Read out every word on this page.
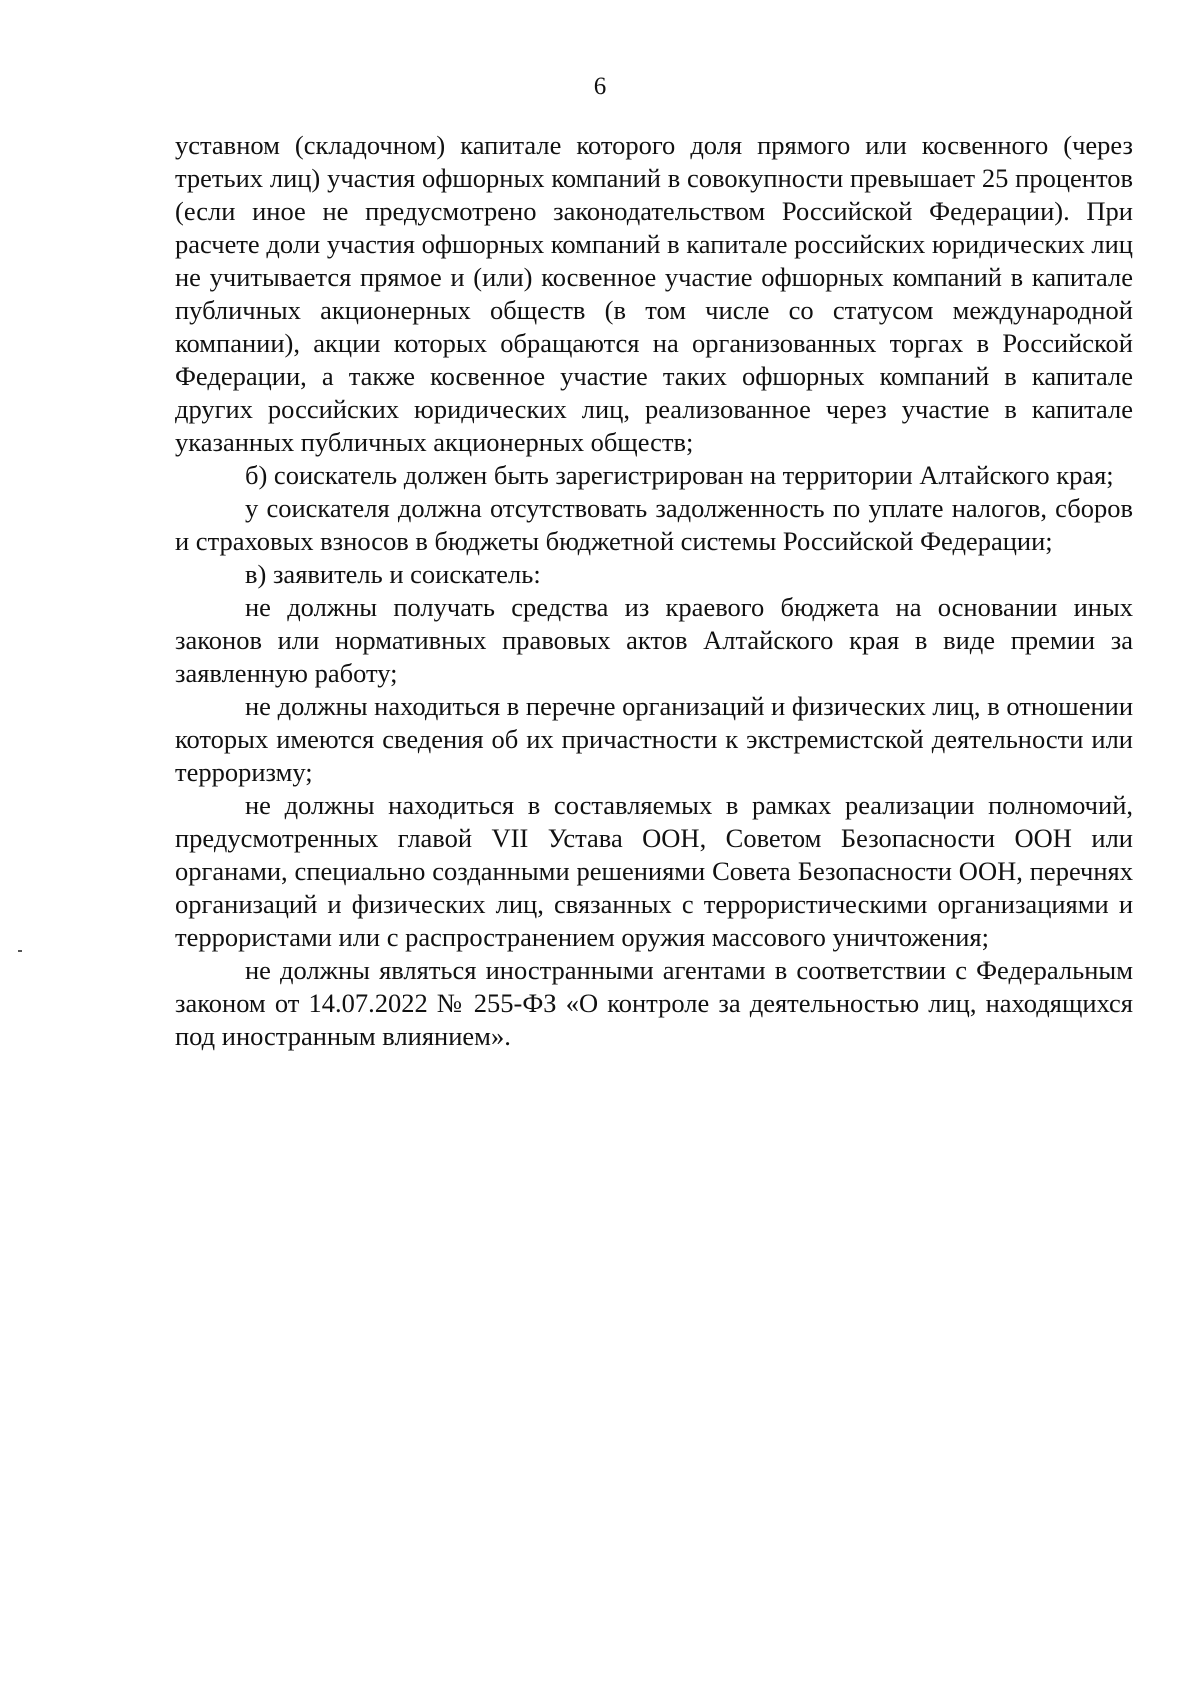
6

уставном (складочном) капитале которого доля прямого или косвенного (через третьих лиц) участия офшорных компаний в совокупности превышает 25 процентов (если иное не предусмотрено законодательством Российской Федерации). При расчете доли участия офшорных компаний в капитале российских юридических лиц не учитывается прямое и (или) косвенное участие офшорных компаний в капитале публичных акционерных обществ (в том числе со статусом международной компании), акции которых обращаются на организованных торгах в Российской Федерации, а также косвенное участие таких офшорных компаний в капитале других российских юридических лиц, реализованное через участие в капитале указанных публичных акционерных обществ;

б) соискатель должен быть зарегистрирован на территории Алтайского края;

у соискателя должна отсутствовать задолженность по уплате налогов, сборов и страховых взносов в бюджеты бюджетной системы Российской Федерации;

в) заявитель и соискатель:

не должны получать средства из краевого бюджета на основании иных законов или нормативных правовых актов Алтайского края в виде премии за заявленную работу;

не должны находиться в перечне организаций и физических лиц, в отношении которых имеются сведения об их причастности к экстремистской деятельности или терроризму;

не должны находиться в составляемых в рамках реализации полномочий, предусмотренных главой VII Устава ООН, Советом Безопасности ООН или органами, специально созданными решениями Совета Безопасности ООН, перечнях организаций и физических лиц, связанных с террористическими организациями и террористами или с распространением оружия массового уничтожения;

не должны являться иностранными агентами в соответствии с Федеральным законом от 14.07.2022 № 255-ФЗ «О контроле за деятельностью лиц, находящихся под иностранным влиянием».
